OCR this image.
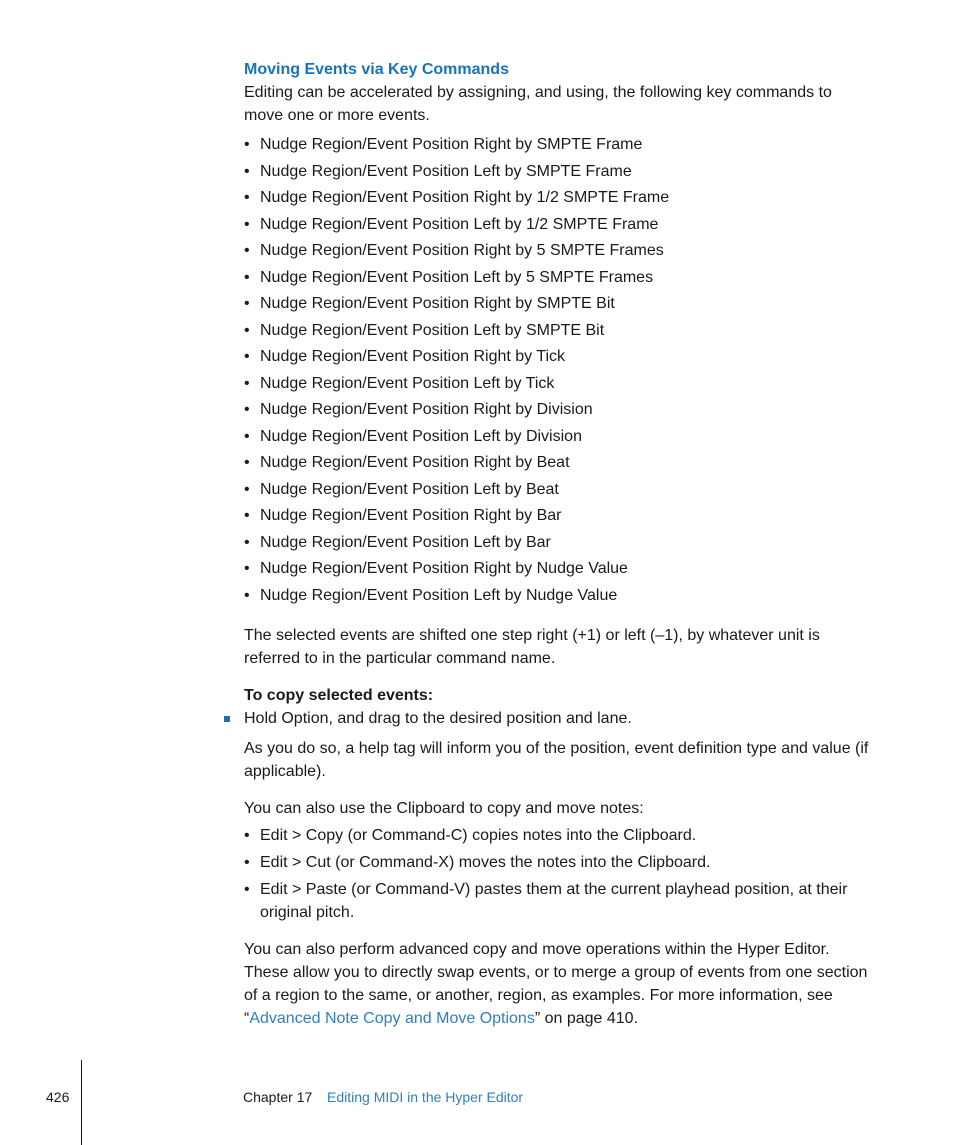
Moving Events via Key Commands

Editing can be accelerated by assigning, and using, the following key commands to move one or more events.

• Nudge Region/Event Position Right by SMPTE Frame
• Nudge Region/Event Position Left by SMPTE Frame
• Nudge Region/Event Position Right by 1/2 SMPTE Frame
• Nudge Region/Event Position Left by 1/2 SMPTE Frame
• Nudge Region/Event Position Right by 5 SMPTE Frames
• Nudge Region/Event Position Left by 5 SMPTE Frames
• Nudge Region/Event Position Right by SMPTE Bit
• Nudge Region/Event Position Left by SMPTE Bit
• Nudge Region/Event Position Right by Tick
• Nudge Region/Event Position Left by Tick
• Nudge Region/Event Position Right by Division
• Nudge Region/Event Position Left by Division
• Nudge Region/Event Position Right by Beat
• Nudge Region/Event Position Left by Beat
• Nudge Region/Event Position Right by Bar
• Nudge Region/Event Position Left by Bar
• Nudge Region/Event Position Right by Nudge Value
• Nudge Region/Event Position Left by Nudge Value

The selected events are shifted one step right (+1) or left (–1), by whatever unit is referred to in the particular command name.

To copy selected events:

Hold Option, and drag to the desired position and lane.

As you do so, a help tag will inform you of the position, event definition type and value (if applicable).

You can also use the Clipboard to copy and move notes:

• Edit > Copy (or Command-C) copies notes into the Clipboard.
• Edit > Cut (or Command-X) moves the notes into the Clipboard.
• Edit > Paste (or Command-V) pastes them at the current playhead position, at their original pitch.

You can also perform advanced copy and move operations within the Hyper Editor. These allow you to directly swap events, or to merge a group of events from one section of a region to the same, or another, region, as examples. For more information, see “Advanced Note Copy and Move Options” on page 410.

426	Chapter 17 Editing MIDI in the Hyper Editor
